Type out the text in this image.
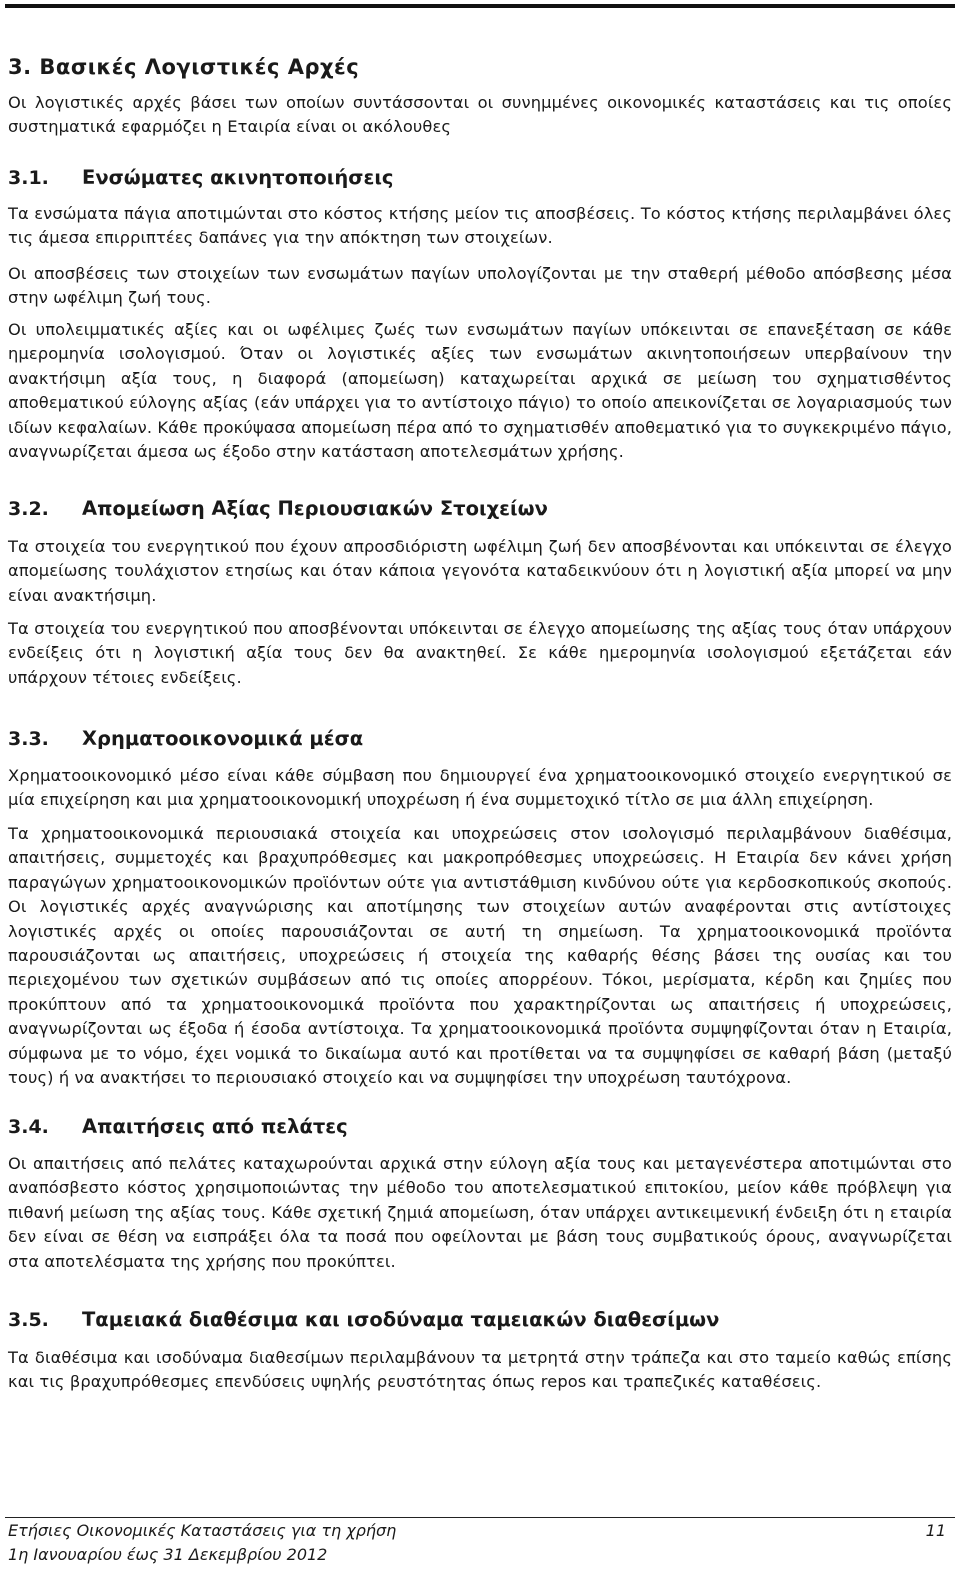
3. Βασικές Λογιστικές Αρχές

Οι λογιστικές αρχές βάσει των οποίων συντάσσονται οι συνημμένες οικονομικές καταστάσεις και τις οποίες συστηματικά εφαρμόζει η Εταιρία είναι οι ακόλουθες

3.1. Ενσώματες ακινητοποιήσεις

Τα ενσώματα πάγια αποτιμώνται στο κόστος κτήσης μείον τις αποσβέσεις. Το κόστος κτήσης περιλαμβάνει όλες τις άμεσα επιρριπτέες δαπάνες για την απόκτηση των στοιχείων.

Οι αποσβέσεις των στοιχείων των ενσωμάτων παγίων υπολογίζονται με την σταθερή μέθοδο απόσβεσης μέσα στην ωφέλιμη ζωή τους.

Οι υπολειμματικές αξίες και οι ωφέλιμες ζωές των ενσωμάτων παγίων υπόκεινται σε επανεξέταση σε κάθε ημερομηνία ισολογισμού. Όταν οι λογιστικές αξίες των ενσωμάτων ακινητοποιήσεων υπερβαίνουν την ανακτήσιμη αξία τους, η διαφορά (απομείωση) καταχωρείται αρχικά σε μείωση του σχηματισθέντος αποθεματικού εύλογης αξίας (εάν υπάρχει για το αντίστοιχο πάγιο) το οποίο απεικονίζεται σε λογαριασμούς των ιδίων κεφαλαίων. Κάθε προκύψασα απομείωση πέρα από το σχηματισθέν αποθεματικό για το συγκεκριμένο πάγιο, αναγνωρίζεται άμεσα ως έξοδο στην κατάσταση αποτελεσμάτων χρήσης.

3.2. Απομείωση Αξίας Περιουσιακών Στοιχείων

Τα στοιχεία του ενεργητικού που έχουν απροσδιόριστη ωφέλιμη ζωή δεν αποσβένονται και υπόκεινται σε έλεγχο απομείωσης τουλάχιστον ετησίως και όταν κάποια γεγονότα καταδεικνύουν ότι η λογιστική αξία μπορεί να μην είναι ανακτήσιμη.

Τα στοιχεία του ενεργητικού που αποσβένονται υπόκεινται σε έλεγχο απομείωσης της αξίας τους όταν υπάρχουν ενδείξεις ότι η λογιστική αξία τους δεν θα ανακτηθεί. Σε κάθε ημερομηνία ισολογισμού εξετάζεται εάν υπάρχουν τέτοιες ενδείξεις.

3.3. Χρηματοοικονομικά μέσα

Χρηματοοικονομικό μέσο είναι κάθε σύμβαση που δημιουργεί ένα χρηματοοικονομικό στοιχείο ενεργητικού σε μία επιχείρηση και μια χρηματοοικονομική υποχρέωση ή ένα συμμετοχικό τίτλο σε μια άλλη επιχείρηση.

Τα χρηματοοικονομικά περιουσιακά στοιχεία και υποχρεώσεις στον ισολογισμό περιλαμβάνουν διαθέσιμα, απαιτήσεις, συμμετοχές και βραχυπρόθεσμες και μακροπρόθεσμες υποχρεώσεις. Η Εταιρία δεν κάνει χρήση παραγώγων χρηματοοικονομικών προϊόντων ούτε για αντιστάθμιση κινδύνου ούτε για κερδοσκοπικούς σκοπούς. Οι λογιστικές αρχές αναγνώρισης και αποτίμησης των στοιχείων αυτών αναφέρονται στις αντίστοιχες λογιστικές αρχές οι οποίες παρουσιάζονται σε αυτή τη σημείωση. Τα χρηματοοικονομικά προϊόντα παρουσιάζονται ως απαιτήσεις, υποχρεώσεις ή στοιχεία της καθαρής θέσης βάσει της ουσίας και του περιεχομένου των σχετικών συμβάσεων από τις οποίες απορρέουν. Τόκοι, μερίσματα, κέρδη και ζημίες που προκύπτουν από τα χρηματοοικονομικά προϊόντα που χαρακτηρίζονται ως απαιτήσεις ή υποχρεώσεις, αναγνωρίζονται ως έξοδα ή έσοδα αντίστοιχα. Τα χρηματοοικονομικά προϊόντα συμψηφίζονται όταν η Εταιρία, σύμφωνα με το νόμο, έχει νομικά το δικαίωμα αυτό και προτίθεται να τα συμψηφίσει σε καθαρή βάση (μεταξύ τους) ή να ανακτήσει το περιουσιακό στοιχείο και να συμψηφίσει την υποχρέωση ταυτόχρονα.

3.4. Απαιτήσεις από πελάτες

Οι απαιτήσεις από πελάτες καταχωρούνται αρχικά στην εύλογη αξία τους και μεταγενέστερα αποτιμώνται στο αναπόσβεστο κόστος χρησιμοποιώντας την μέθοδο του αποτελεσματικού επιτοκίου, μείον κάθε πρόβλεψη για πιθανή μείωση της αξίας τους. Κάθε σχετική ζημιά απομείωση, όταν υπάρχει αντικειμενική ένδειξη ότι η εταιρία δεν είναι σε θέση να εισπράξει όλα τα ποσά που οφείλονται με βάση τους συμβατικούς όρους, αναγνωρίζεται στα αποτελέσματα της χρήσης που προκύπτει.

3.5. Ταμειακά διαθέσιμα και ισοδύναμα ταμειακών διαθεσίμων

Τα διαθέσιμα και ισοδύναμα διαθεσίμων περιλαμβάνουν τα μετρητά στην τράπεζα και στο ταμείο καθώς επίσης και τις βραχυπρόθεσμες επενδύσεις υψηλής ρευστότητας όπως repos και τραπεζικές καταθέσεις.

Ετήσιες Οικονομικές Καταστάσεις για τη χρήση	11
1η Ιανουαρίου έως 31 Δεκεμβρίου 2012
